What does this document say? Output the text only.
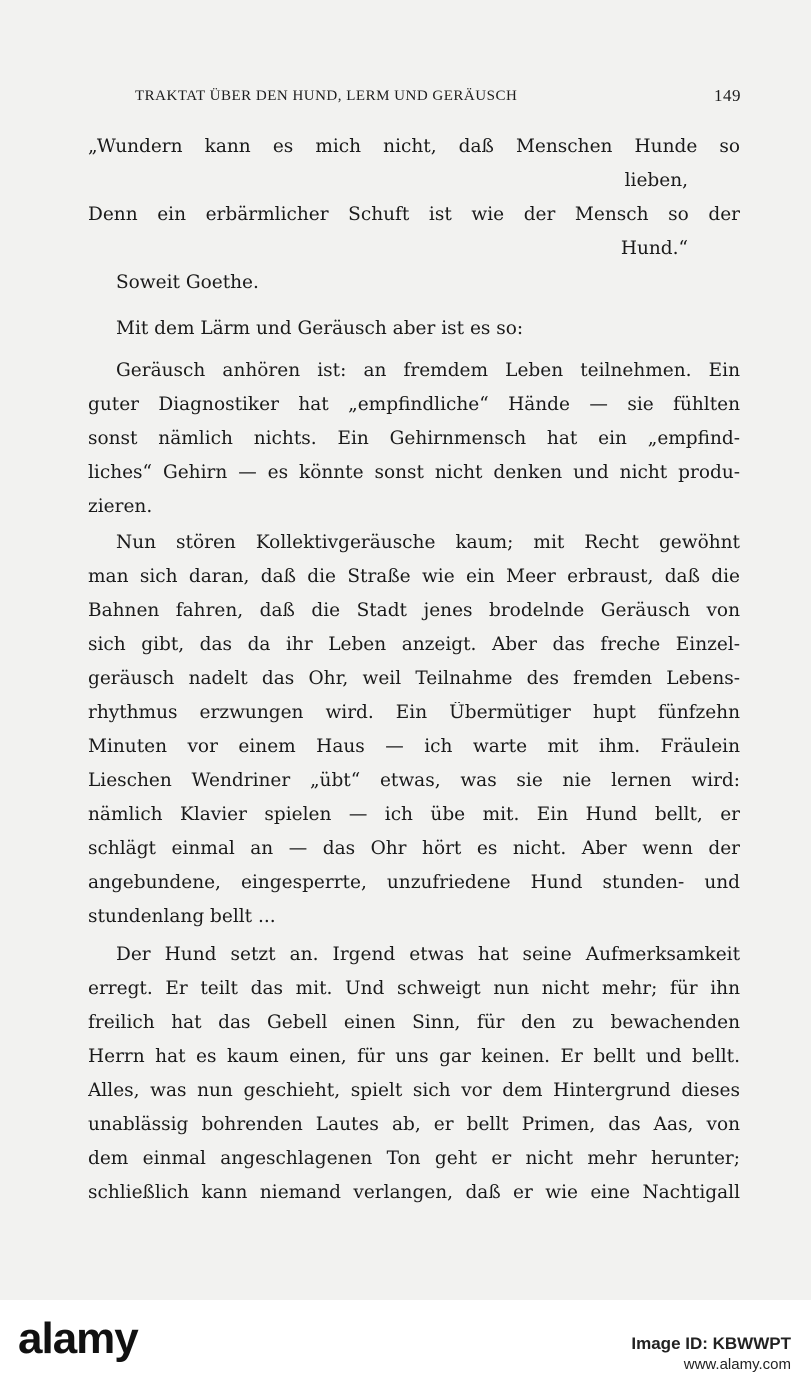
TRAKTAT ÜBER DEN HUND, LERM UND GERÄUSCH	149
„Wundern kann es mich nicht, daß Menschen Hunde so
lieben,
Denn ein erbärmlicher Schuft ist wie der Mensch so der
Hund.“
Soweit Goethe.
Mit dem Lärm und Geräusch aber ist es so:
Geräusch anhören ist: an fremdem Leben teilnehmen. Ein
guter Diagnostiker hat „empfindliche“ Hände — sie fühlten
sonst nämlich nichts. Ein Gehirnmensch hat ein „empfind-
liches“ Gehirn — es könnte sonst nicht denken und nicht produ-
zieren.
Nun stören Kollektivgeräusche kaum; mit Recht gewöhnt
man sich daran, daß die Straße wie ein Meer erbraust, daß die
Bahnen fahren, daß die Stadt jenes brodelnde Geräusch von
sich gibt, das da ihr Leben anzeigt. Aber das freche Einzel-
geräusch nadelt das Ohr, weil Teilnahme des fremden Lebens-
rhythmus erzwungen wird. Ein Übermütiger hupt fünfzehn
Minuten vor einem Haus — ich warte mit ihm. Fräulein
Lieschen Wendriner „übt“ etwas, was sie nie lernen wird:
nämlich Klavier spielen — ich übe mit. Ein Hund bellt, er
schlägt einmal an — das Ohr hört es nicht. Aber wenn der
angebundene, eingesperrte, unzufriedene Hund stunden- und
stundenlang bellt ...
Der Hund setzt an. Irgend etwas hat seine Aufmerksamkeit
erregt. Er teilt das mit. Und schweigt nun nicht mehr; für ihn
freilich hat das Gebell einen Sinn, für den zu bewachenden
Herrn hat es kaum einen, für uns gar keinen. Er bellt und bellt.
Alles, was nun geschieht, spielt sich vor dem Hintergrund dieses
unablässig bohrenden Lautes ab, er bellt Primen, das Aas, von
dem einmal angeschlagenen Ton geht er nicht mehr herunter;
schließlich kann niemand verlangen, daß er wie eine Nachtigall
alamy	Image ID: KBWWPT
www.alamy.com
